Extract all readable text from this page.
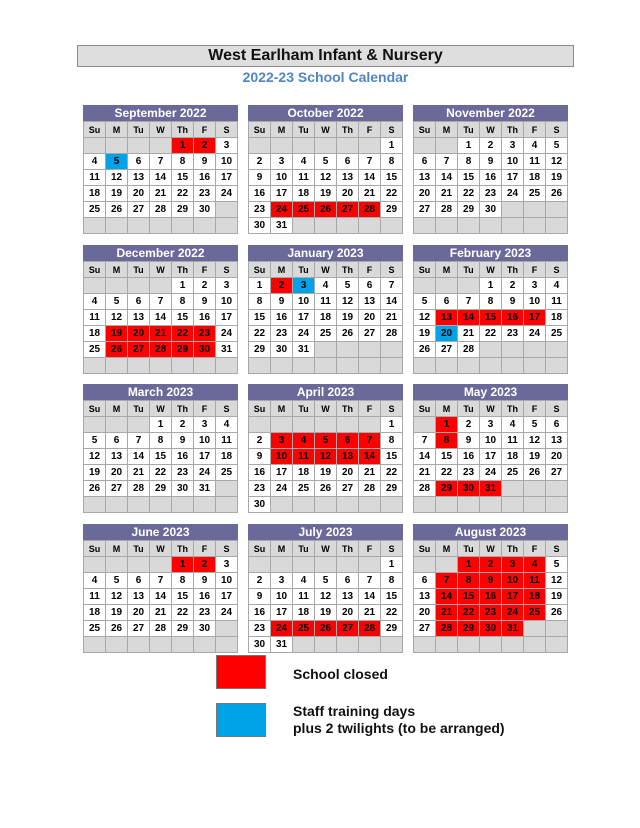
West Earlham Infant & Nursery
2022-23 School Calendar
September 2022
Su	M	Tu	W	Th	F	S
				1	2	3
4	5	6	7	8	9	10
11	12	13	14	15	16	17
18	19	20	21	22	23	24
25	26	27	28	29	30	

October 2022
Su	M	Tu	W	Th	F	S
						1
2	3	4	5	6	7	8
9	10	11	12	13	14	15
16	17	18	19	20	21	22
23	24	25	26	27	28	29
30	31					
November 2022
Su	M	Tu	W	Th	F	S
		1	2	3	4	5
6	7	8	9	10	11	12
13	14	15	16	17	18	19
20	21	22	23	24	25	26
27	28	29	30			

December 2022
Su	M	Tu	W	Th	F	S
				1	2	3
4	5	6	7	8	9	10
11	12	13	14	15	16	17
18	19	20	21	22	23	24
25	26	27	28	29	30	31

January 2023
Su	M	Tu	W	Th	F	S
1	2	3	4	5	6	7
8	9	10	11	12	13	14
15	16	17	18	19	20	21
22	23	24	25	26	27	28
29	30	31				

February 2023
Su	M	Tu	W	Th	F	S
			1	2	3	4
5	6	7	8	9	10	11
12	13	14	15	16	17	18
19	20	21	22	23	24	25
26	27	28				

March 2023
Su	M	Tu	W	Th	F	S
			1	2	3	4
5	6	7	8	9	10	11
12	13	14	15	16	17	18
19	20	21	22	23	24	25
26	27	28	29	30	31	

April 2023
Su	M	Tu	W	Th	F	S
						1
2	3	4	5	6	7	8
9	10	11	12	13	14	15
16	17	18	19	20	21	22
23	24	25	26	27	28	29
30						
May 2023
Su	M	Tu	W	Th	F	S
	1	2	3	4	5	6
7	8	9	10	11	12	13
14	15	16	17	18	19	20
21	22	23	24	25	26	27
28	29	30	31			

June 2023
Su	M	Tu	W	Th	F	S
				1	2	3
4	5	6	7	8	9	10
11	12	13	14	15	16	17
18	19	20	21	22	23	24
25	26	27	28	29	30	

July 2023
Su	M	Tu	W	Th	F	S
						1
2	3	4	5	6	7	8
9	10	11	12	13	14	15
16	17	18	19	20	21	22
23	24	25	26	27	28	29
30	31					
August 2023
Su	M	Tu	W	Th	F	S
		1	2	3	4	5
6	7	8	9	10	11	12
13	14	15	16	17	18	19
20	21	22	23	24	25	26
27	28	29	30	31		

School closed
Staff training days
plus 2 twilights (to be arranged)
